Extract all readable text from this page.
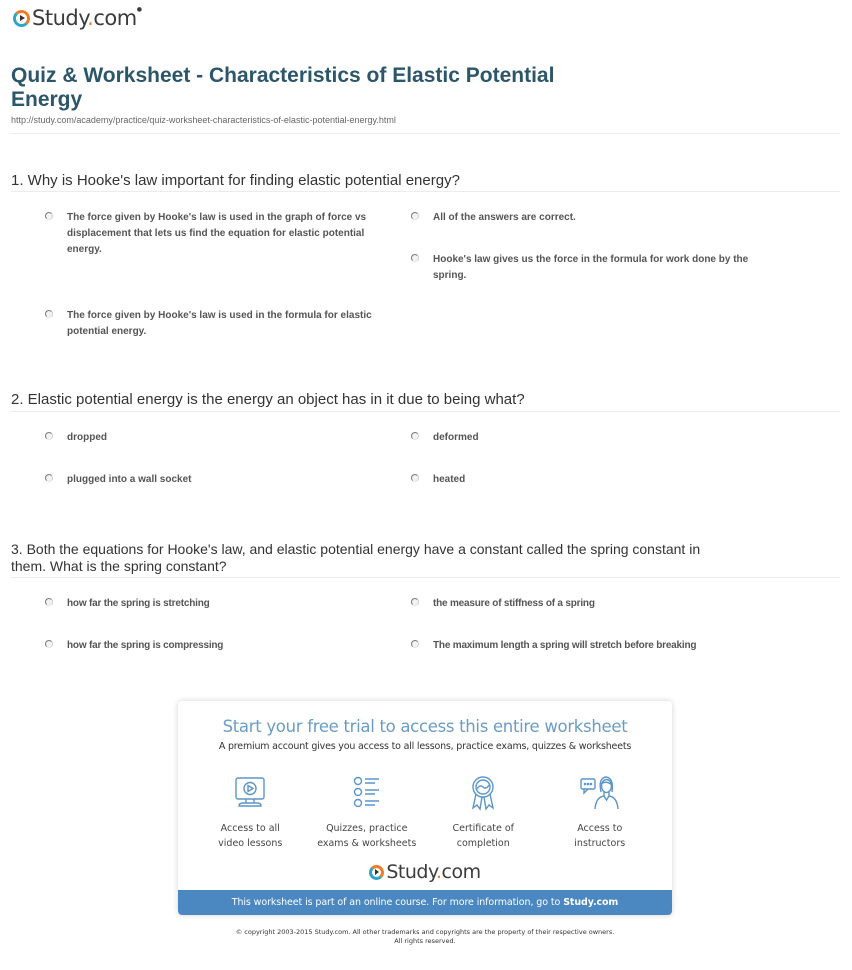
Study.com●
Quiz & Worksheet - Characteristics of Elastic Potential Energy
http://study.com/academy/practice/quiz-worksheet-characteristics-of-elastic-potential-energy.html
1. Why is Hooke's law important for finding elastic potential energy?
The force given by Hooke's law is used in the graph of force vs displacement that lets us find the equation for elastic potential energy.
All of the answers are correct.
Hooke's law gives us the force in the formula for work done by the spring.
The force given by Hooke's law is used in the formula for elastic potential energy.
2. Elastic potential energy is the energy an object has in it due to being what?
dropped	deformed
plugged into a wall socket	heated
3. Both the equations for Hooke's law, and elastic potential energy have a constant called the spring constant in them. What is the spring constant?
how far the spring is stretching	the measure of stiffness of a spring
how far the spring is compressing	The maximum length a spring will stretch before breaking
Start your free trial to access this entire worksheet
A premium account gives you access to all lessons, practice exams, quizzes & worksheets
Access to all
video lessons
Quizzes, practice
exams & worksheets
Certificate of
completion
Access to
instructors
Study.com
This worksheet is part of an online course. For more information, go to Study.com
© copyright 2003-2015 Study.com. All other trademarks and copyrights are the property of their respective owners.
All rights reserved.
